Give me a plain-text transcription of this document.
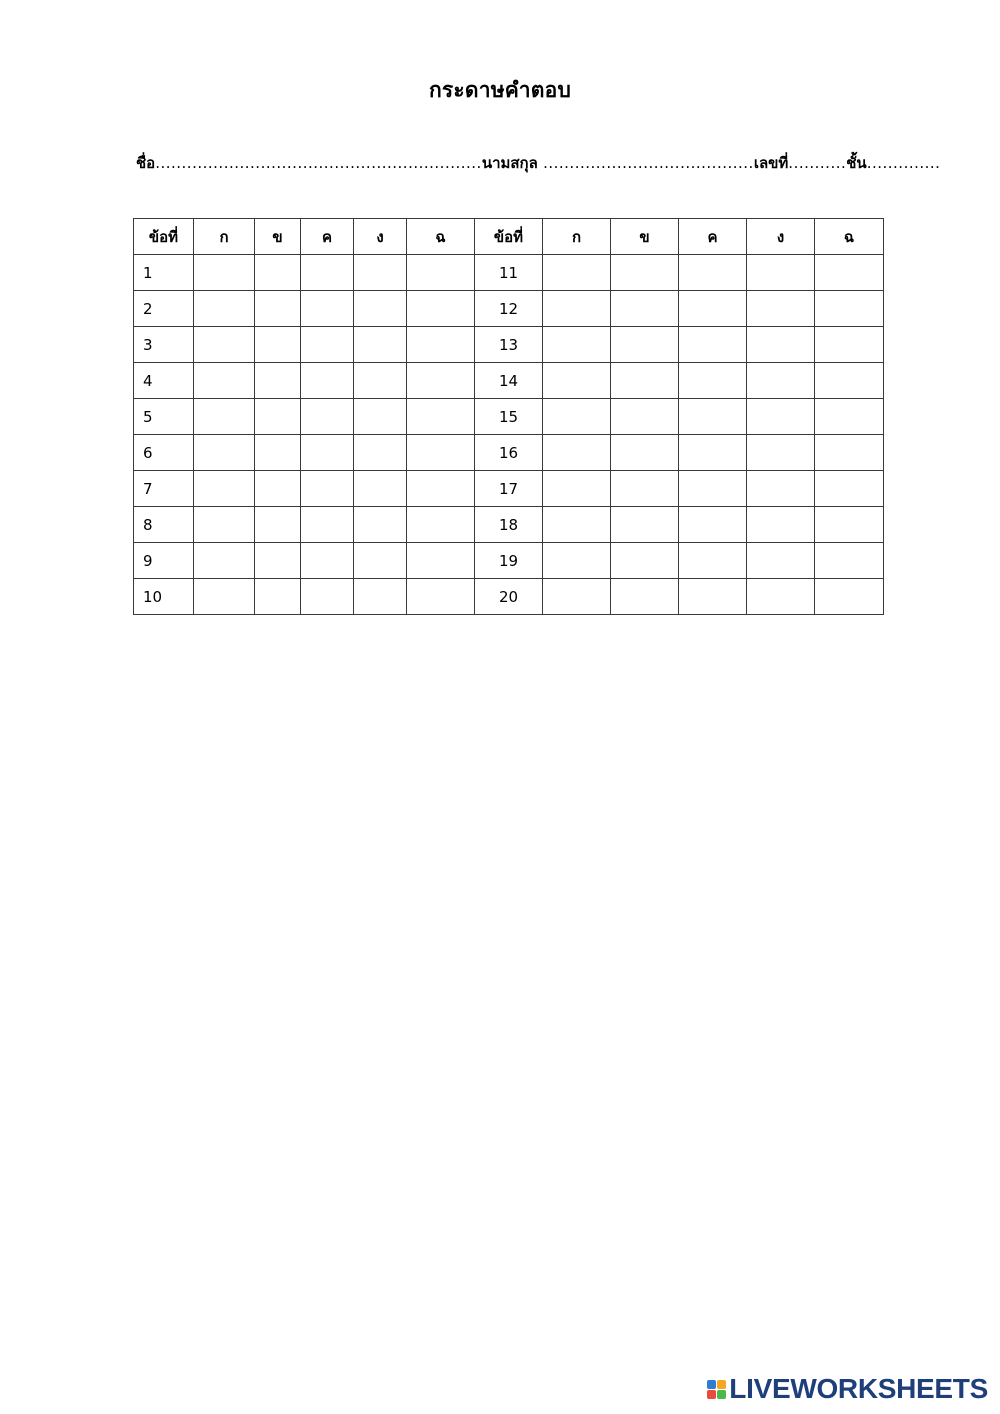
กระดาษคำตอบ
ชื่อ..............................................................นามสกุล ........................................เลขที่...........ชั้น..............
ข้อที่	ก	ข	ค	ง	ฉ	ข้อที่	ก	ข	ค	ง	ฉ
1						11					
2						12					
3						13					
4						14					
5						15					
6						16					
7						17					
8						18					
9						19					
10						20					
LIVEWORKSHEETS
